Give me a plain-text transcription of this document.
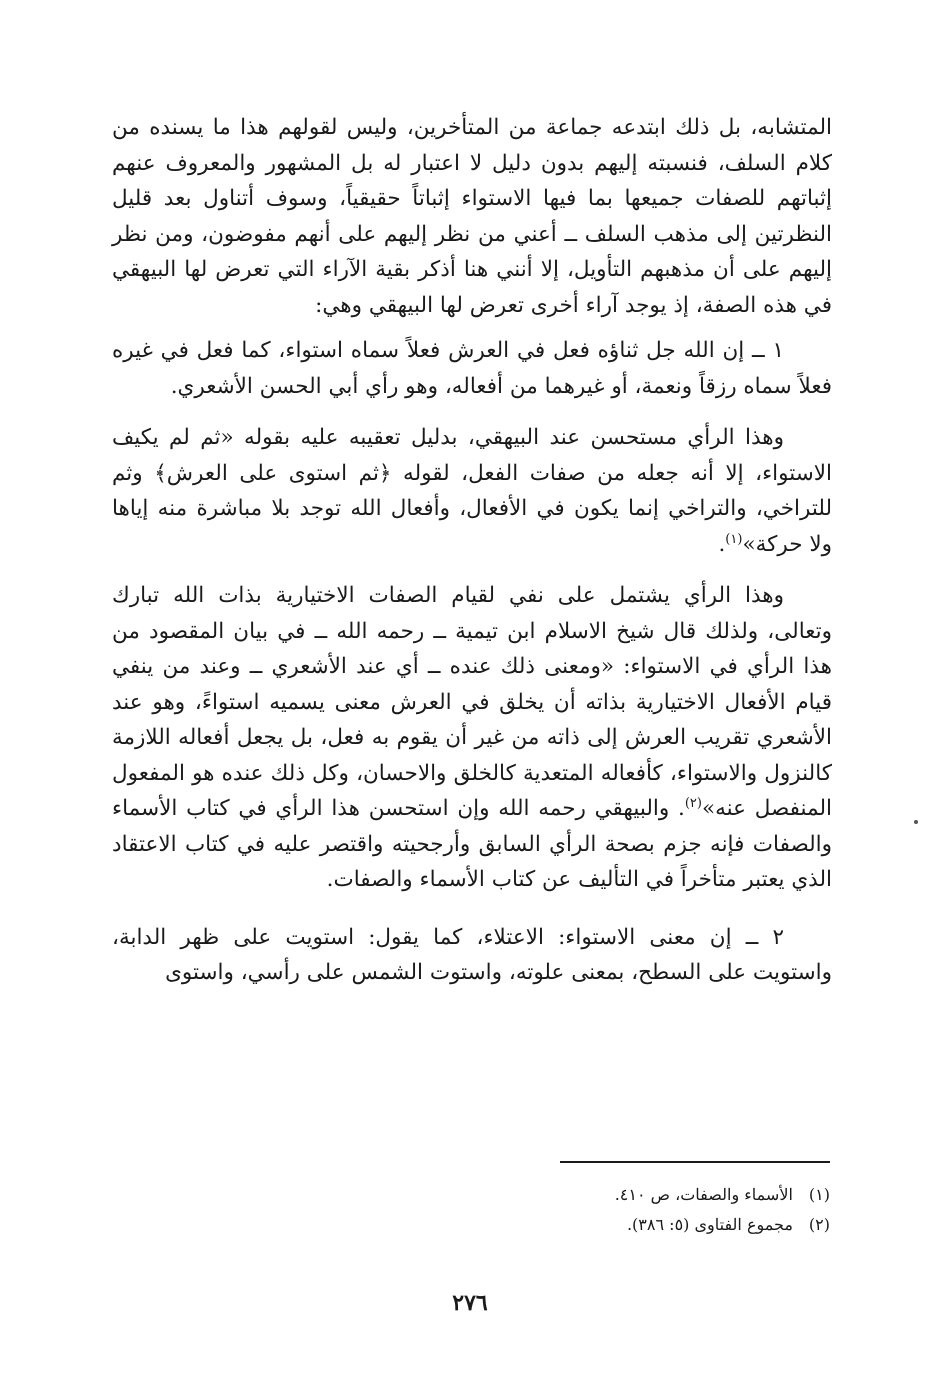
المتشابه، بل ذلك ابتدعه جماعة من المتأخرين، وليس لقولهم هذا ما يسنده من كلام السلف، فنسبته إليهم بدون دليل لا اعتبار له بل المشهور والمعروف عنهم إثباتهم للصفات جميعها بما فيها الاستواء إثباتاً حقيقياً، وسوف أتناول بعد قليل النظرتين إلى مذهب السلف ــ أعني من نظر إليهم على أنهم مفوضون، ومن نظر إليهم على أن مذهبهم التأويل، إلا أنني هنا أذكر بقية الآراء التي تعرض لها البيهقي في هذه الصفة، إذ يوجد آراء أخرى تعرض لها البيهقي وهي:

١ ــ إن الله جل ثناؤه فعل في العرش فعلاً سماه استواء، كما فعل في غيره فعلاً سماه رزقاً ونعمة، أو غيرهما من أفعاله، وهو رأي أبي الحسن الأشعري.

وهذا الرأي مستحسن عند البيهقي، بدليل تعقيبه عليه بقوله «ثم لم يكيف الاستواء، إلا أنه جعله من صفات الفعل، لقوله ﴿ثم استوى على العرش﴾ وثم للتراخي، والتراخي إنما يكون في الأفعال، وأفعال الله توجد بلا مباشرة منه إياها ولا حركة»$^{(١)}$.

وهذا الرأي يشتمل على نفي لقيام الصفات الاختيارية بذات الله تبارك وتعالى، ولذلك قال شيخ الاسلام ابن تيمية ــ رحمه الله ــ في بيان المقصود من هذا الرأي في الاستواء: «ومعنى ذلك عنده ــ أي عند الأشعري ــ وعند من ينفي قيام الأفعال الاختيارية بذاته أن يخلق في العرش معنى يسميه استواءً، وهو عند الأشعري تقريب العرش إلى ذاته من غير أن يقوم به فعل، بل يجعل أفعاله اللازمة كالنزول والاستواء، كأفعاله المتعدية كالخلق والاحسان، وكل ذلك عنده هو المفعول المنفصل عنه»$^{(٢)}$. والبيهقي رحمه الله وإن استحسن هذا الرأي في كتاب الأسماء والصفات فإنه جزم بصحة الرأي السابق وأرجحيته واقتصر عليه في كتاب الاعتقاد الذي يعتبر متأخراً في التأليف عن كتاب الأسماء والصفات.

٢ ــ إن معنى الاستواء: الاعتلاء، كما يقول: استويت على ظهر الدابة، واستويت على السطح، بمعنى علوته، واستوت الشمس على رأسي، واستوى

(١) الأسماء والصفات، ص ٤١٠.
(٢) مجموع الفتاوى (٥: ٣٨٦).
٢٧٦
